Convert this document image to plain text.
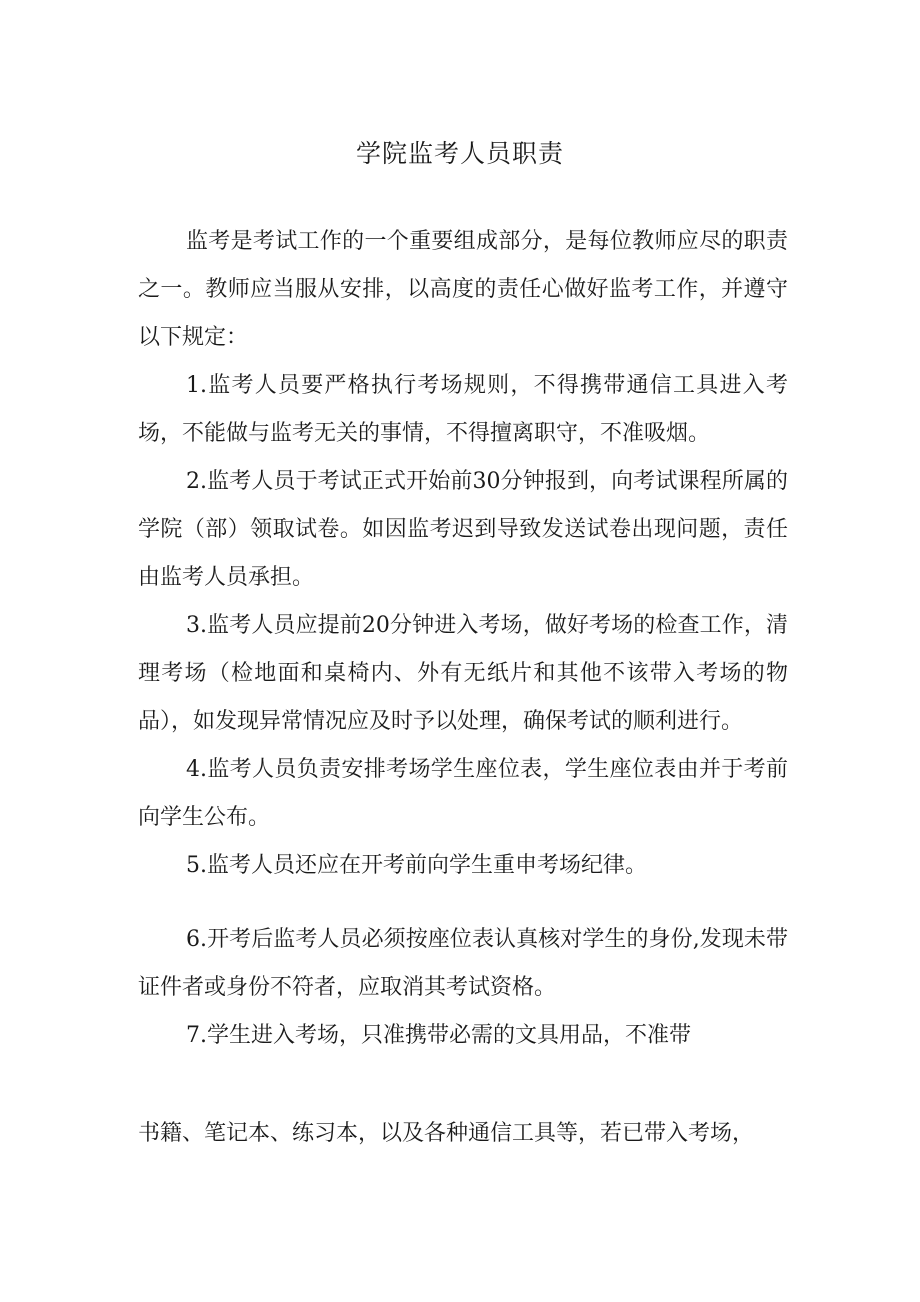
学院监考人员职责

监考是考试工作的一个重要组成部分，是每位教师应尽的职责之一。教师应当服从安排，以高度的责任心做好监考工作，并遵守以下规定：

1.监考人员要严格执行考场规则，不得携带通信工具进入考场，不能做与监考无关的事情，不得擅离职守，不准吸烟。

2.监考人员于考试正式开始前30分钟报到，向考试课程所属的学院（部）领取试卷。如因监考迟到导致发送试卷出现问题，责任由监考人员承担。

3.监考人员应提前20分钟进入考场，做好考场的检查工作，清理考场（检地面和桌椅内、外有无纸片和其他不该带入考场的物品），如发现异常情况应及时予以处理，确保考试的顺利进行。

4.监考人员负责安排考场学生座位表，学生座位表由并于考前向学生公布。

5.监考人员还应在开考前向学生重申考场纪律。

6.开考后监考人员必须按座位表认真核对学生的身份,发现未带证件者或身份不符者，应取消其考试资格。

7.学生进入考场，只准携带必需的文具用品，不准带

书籍、笔记本、练习本，以及各种通信工具等，若已带入考场，
